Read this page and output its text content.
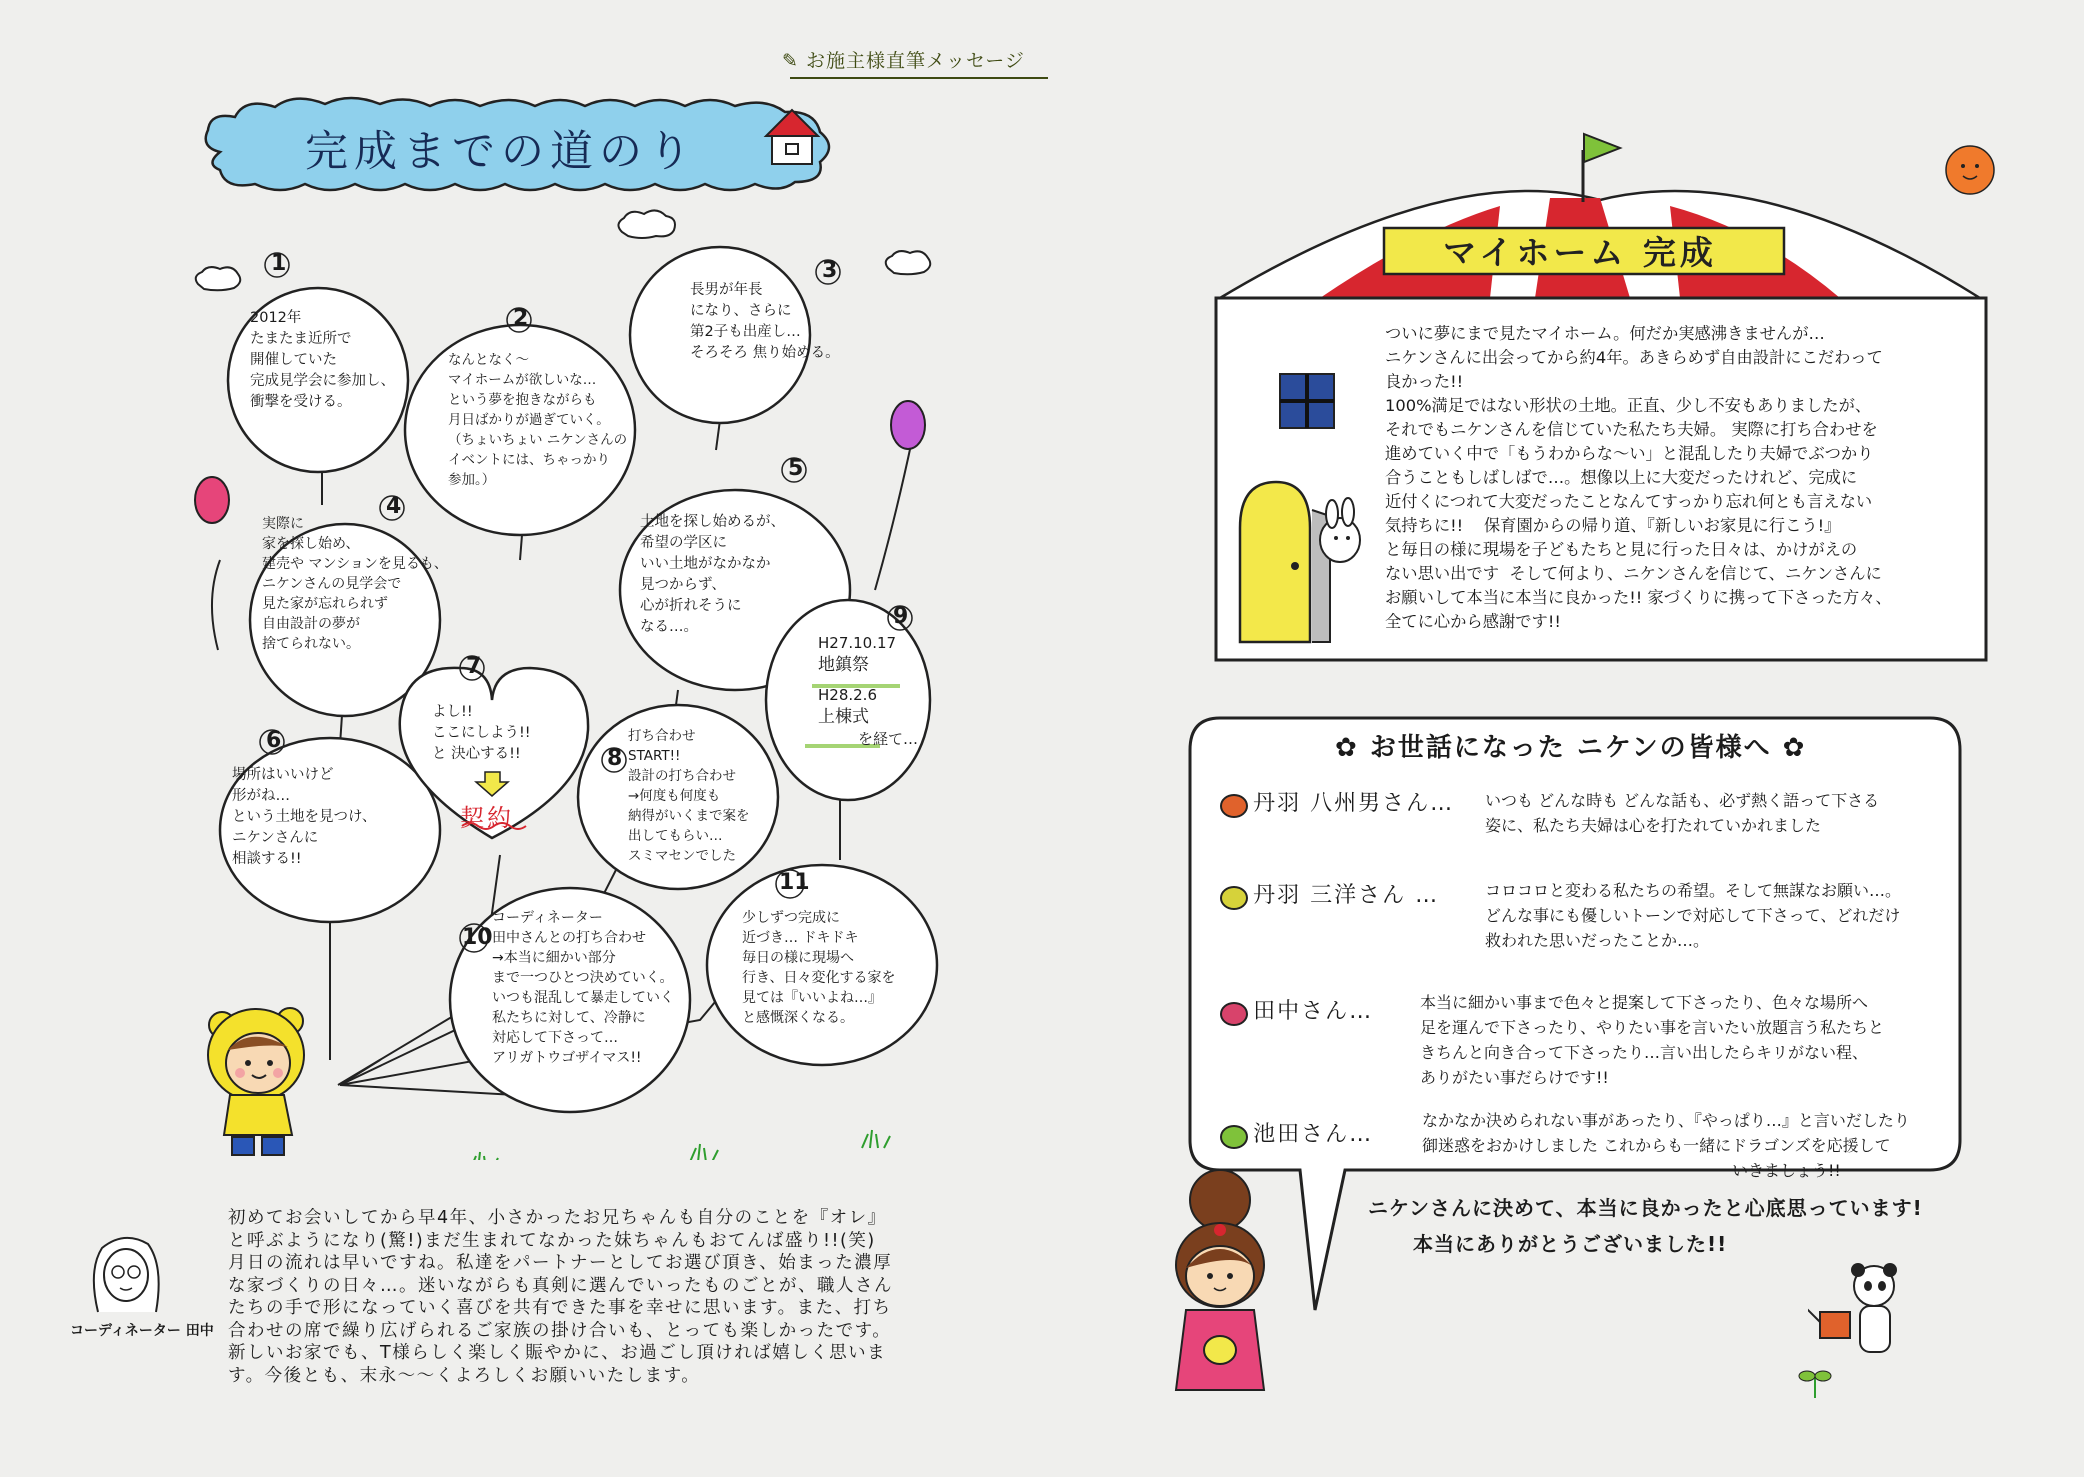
✎ お施主様直筆メッセージ
完成までの道のり
1
2012年
たまたま近所で
開催していた
完成見学会に参加し、
衝撃を受ける。
2
なんとなく～
マイホームが欲しいな…
という夢を抱きながらも
月日ばかりが過ぎていく。
（ちょいちょい ニケンさんの
イベントには、ちゃっかり
参加。）
3
長男が年長
になり、さらに
第2子も出産し…
そろそろ 焦り始める。
4
実際に
家を探し始め、
建売や マンションを見るも、
ニケンさんの見学会で
見た家が忘れられず
自由設計の夢が
捨てられない。
5
土地を探し始めるが、
希望の学区に
いい土地がなかなか
見つからず、
心が折れそうに
なる…。
6
場所はいいけど
形がね…
という土地を見つけ、
ニケンさんに
相談する!!
7
よし!!
ここにしよう!!
と 決心する!!
契約
8
打ち合わせ
START!!
設計の打ち合わせ
→何度も何度も
納得がいくまで案を
出してもらい…
スミマセンでした
9
H27.10.17
地鎮祭
H28.2.6
上棟式
を経て…
10
コーディネーター
田中さんとの打ち合わせ
→本当に細かい部分
まで一つひとつ決めていく。
いつも混乱して暴走していく
私たちに対して、冷静に
対応して下さって…
アリガトウゴザイマス!!
11
少しずつ完成に
近づき… ドキドキ
毎日の様に現場へ
行き、日々変化する家を
見ては『いいよね…』
と感慨深くなる。
コーディネーター 田中
初めてお会いしてから早4年、小さかったお兄ちゃんも自分のことを『オレ』
と呼ぶようになり(驚!)まだ生まれてなかった妹ちゃんもおてんば盛り!!(笑)
月日の流れは早いですね。私達をパートナーとしてお選び頂き、始まった濃厚
な家づくりの日々…。迷いながらも真剣に選んでいったものごとが、職人さん
たちの手で形になっていく喜びを共有できた事を幸せに思います。また、打ち
合わせの席で繰り広げられるご家族の掛け合いも、とっても楽しかったです。
新しいお家でも、T様らしく楽しく賑やかに、お過ごし頂ければ嬉しく思いま
す。今後とも、末永～～くよろしくお願いいたします。
マイホーム 完成
ついに夢にまで見たマイホーム。何だか実感沸きませんが…
ニケンさんに出会ってから約4年。あきらめず自由設計にこだわって
良かった!!
100%満足ではない形状の土地。正直、少し不安もありましたが、
それでもニケンさんを信じていた私たち夫婦。 実際に打ち合わせを
進めていく中で「もうわからな～い」と混乱したり夫婦でぶつかり
合うこともしばしばで…。想像以上に大変だったけれど、完成に
近付くにつれて大変だったことなんてすっかり忘れ何とも言えない
気持ちに!!    保育園からの帰り道、『新しいお家見に行こう!』
と毎日の様に現場を子どもたちと見に行った日々は、かけがえの
ない思い出です  そして何より、ニケンさんを信じて、ニケンさんに
お願いして本当に本当に良かった!! 家づくりに携って下さった方々、
全てに心から感謝です!!
✿ お世話になった ニケンの皆様へ ✿
丹羽 八州男さん… いつも どんな時も どんな話も、必ず熱く語って下さる
姿に、私たち夫婦は心を打たれていかれました
丹羽 三洋さん …	コロコロと変わる私たちの希望。そして無謀なお願い…。
どんな事にも優しいトーンで対応して下さって、どれだけ
救われた思いだったことか…。
田中さん…	本当に細かい事まで色々と提案して下さったり、色々な場所へ
足を運んで下さったり、やりたい事を言いたい放題言う私たちと
きちんと向き合って下さったり…言い出したらキリがない程、
ありがたい事だらけです!!
池田さん…
なかなか決められない事があったり、『やっぱり…』と言いだしたり
御迷惑をおかけしました これからも一緒にドラゴンズを応援して
いきましょう!!
ニケンさんに決めて、本当に良かったと心底思っています!
本当にありがとうございました!!
